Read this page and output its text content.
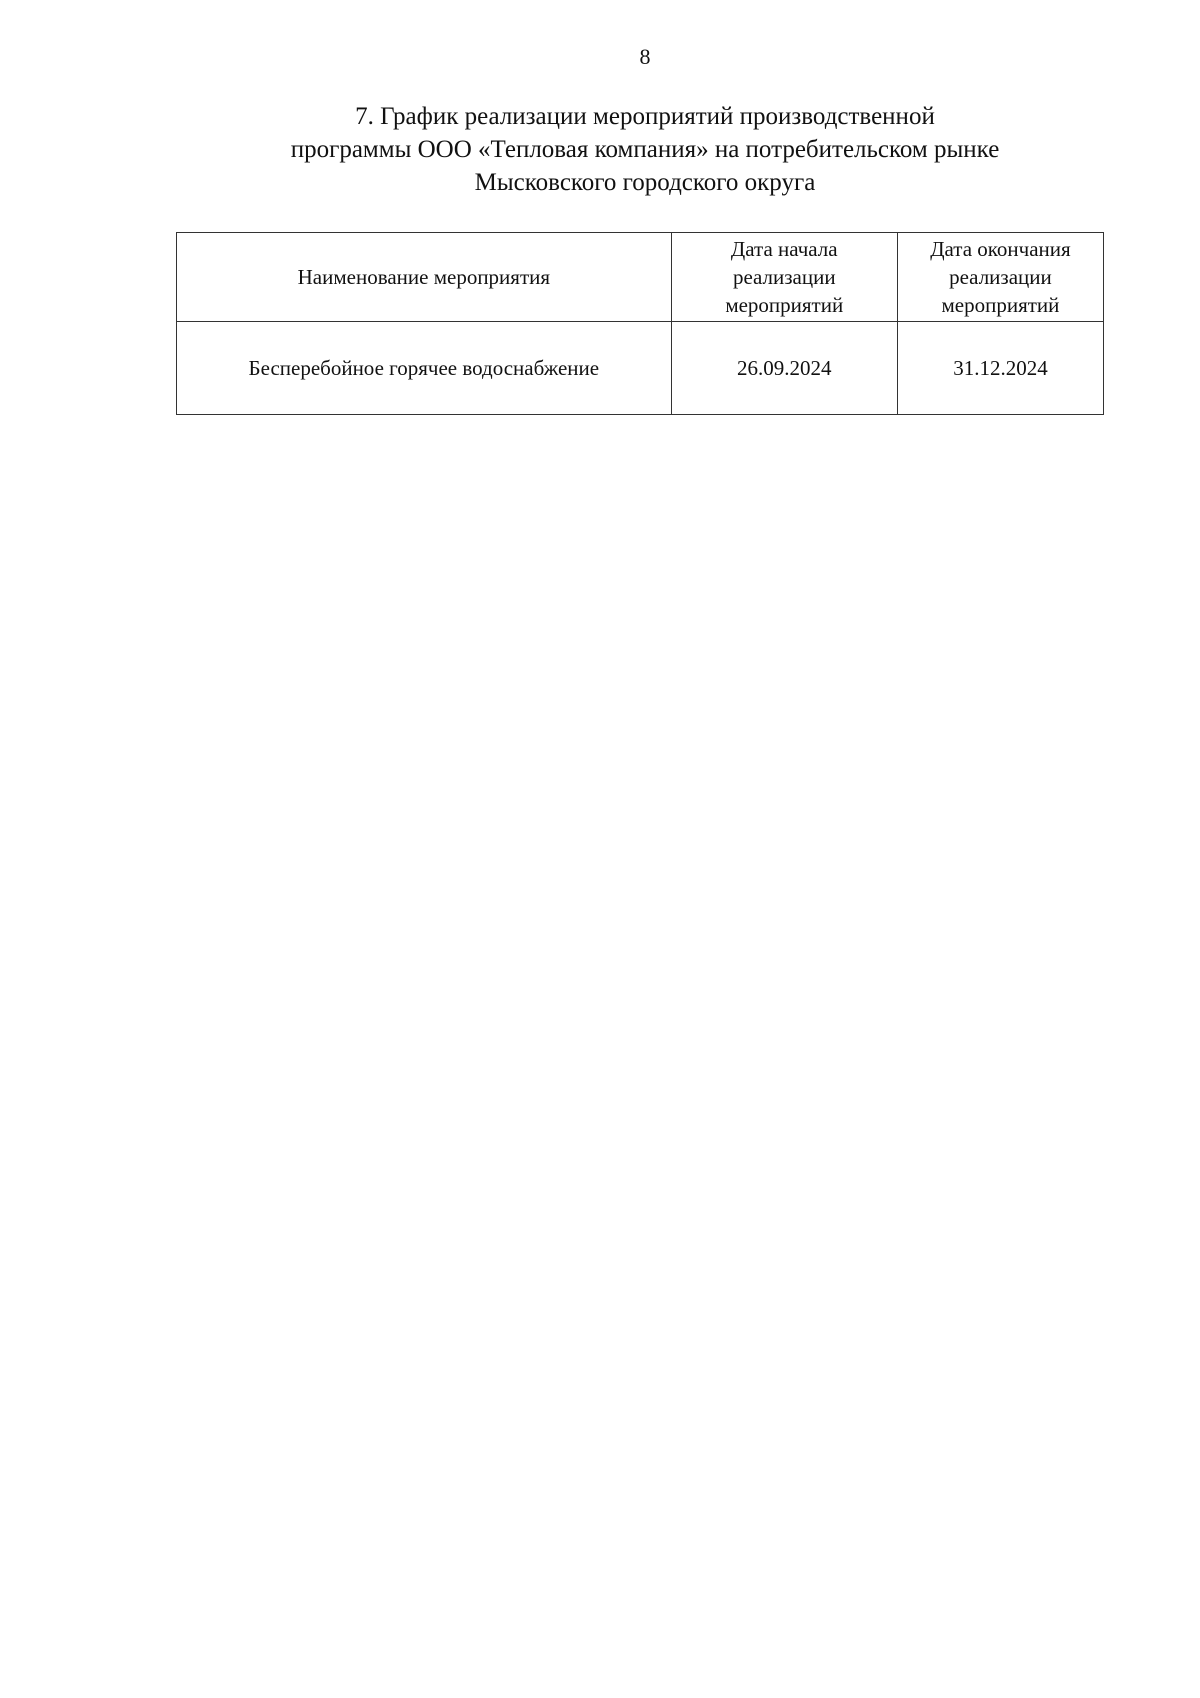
8
7. График реализации мероприятий производственной
программы ООО «Тепловая компания» на потребительском рынке
Мысковского городского округа
Наименование мероприятия	Дата начала реализации мероприятий	Дата окончания реализации мероприятий
Бесперебойное горячее водоснабжение	26.09.2024	31.12.2024
